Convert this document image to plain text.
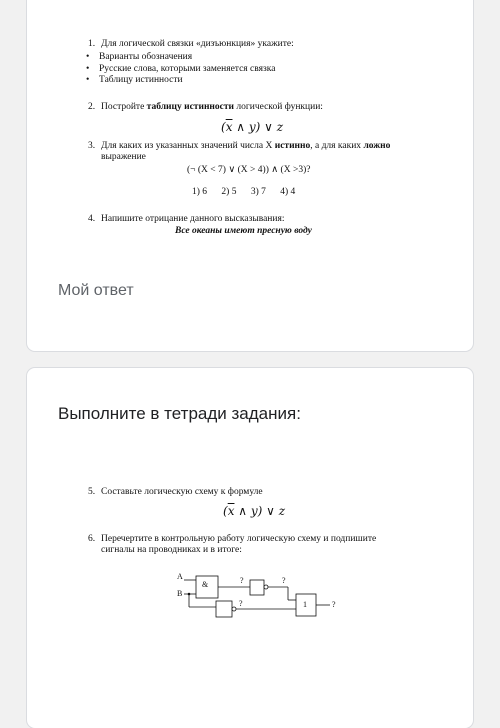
1. Для логической связки «дизъюнкция» укажите:
• Варианты обозначения
• Русские слова, которыми заменяется связка
• Таблицу истинности
2. Постройте таблицу истинности логической функции:
($\overline{x}$ ∧ y) ∨ z
3. Для каких из указанных значений числа X истинно, а для каких ложно
выражение
(¬ (X < 7) ∨ (X > 4)) ∧ (X >3)?
1) 6 2) 5 3) 7 4) 4
4. Напишите отрицание данного высказывания:
Все океаны имеют пресную воду
Мой ответ
Выполните в тетради задания:
5. Составьте логическую схему к формуле
($\overline{x}$ ∧ y) ∨ z
6. Перечертите в контрольную работу логическую схему и подпишите
сигналы на проводниках и в итоге:
A
B
&	?
?
?
1	?
